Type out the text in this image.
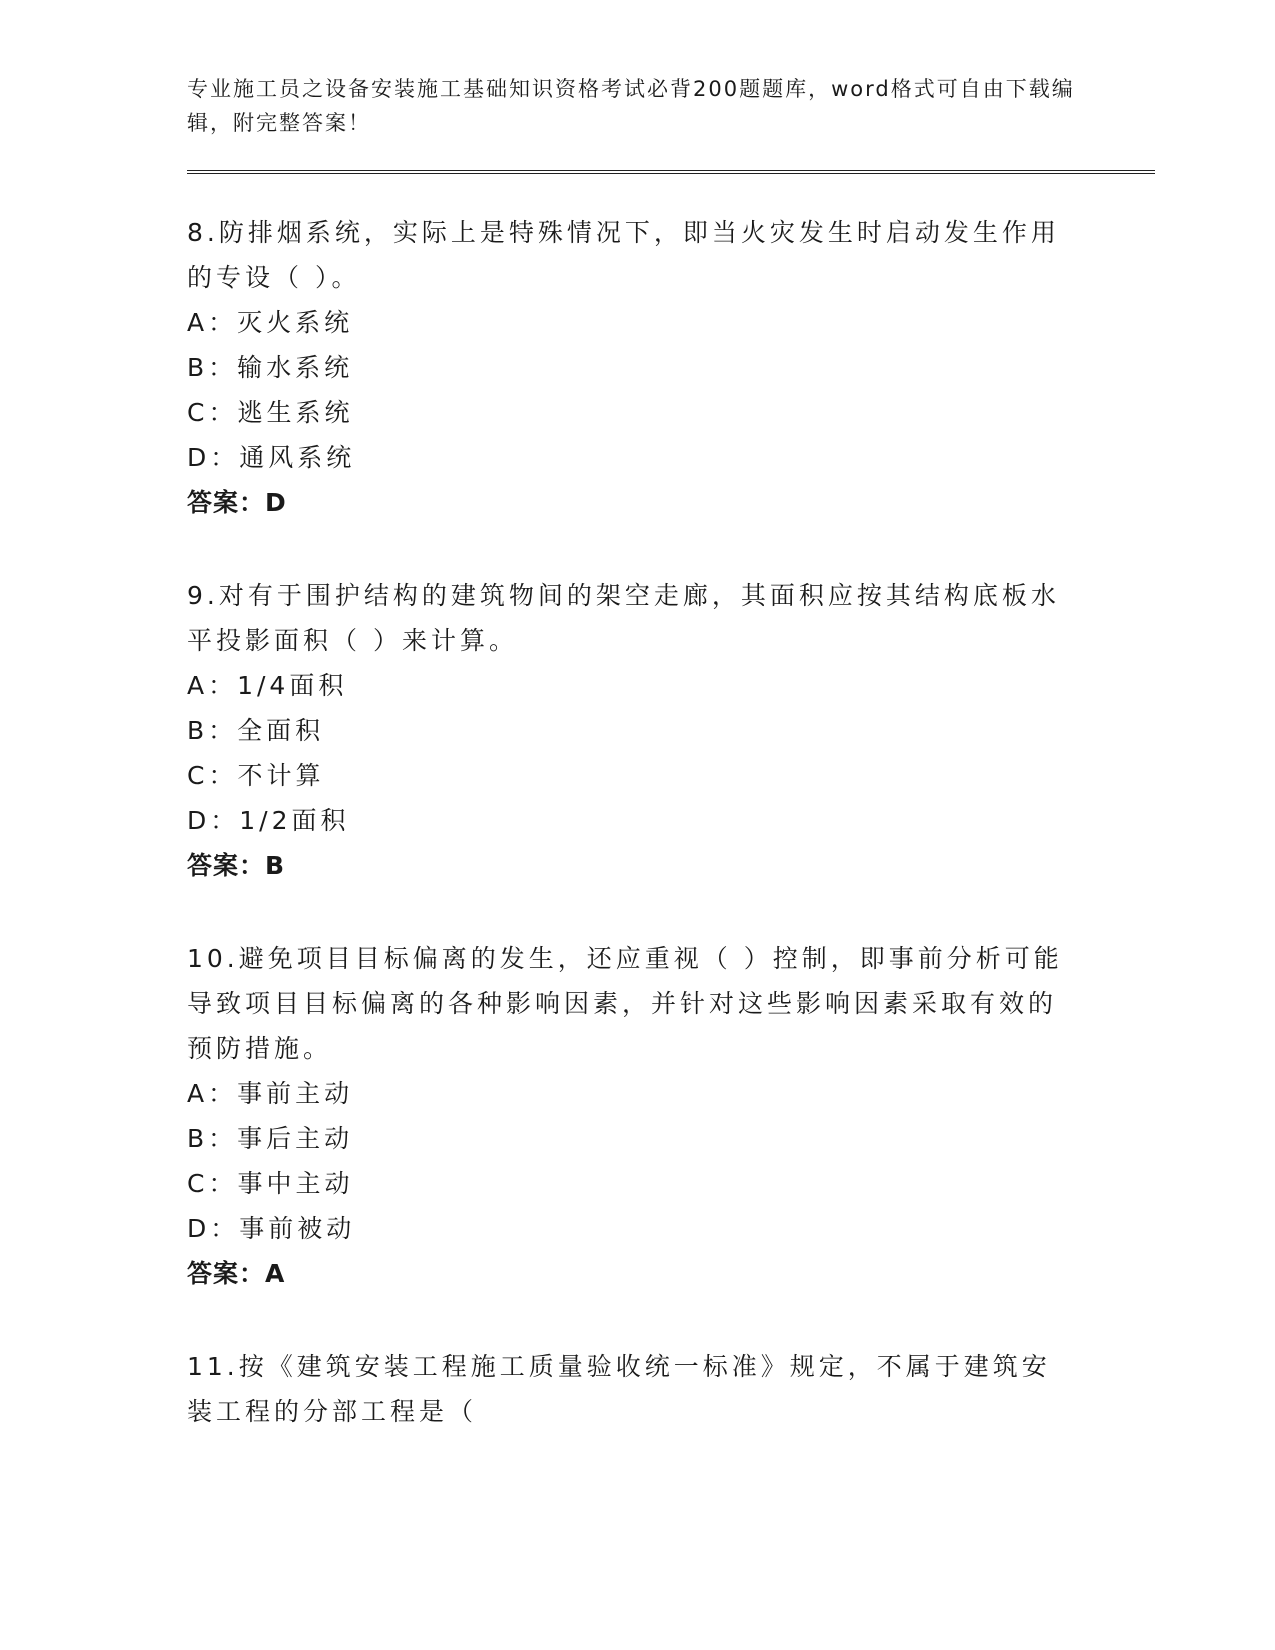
专业施工员之设备安装施工基础知识资格考试必背200题题库，word格式可自由下载编辑，附完整答案！
8.防排烟系统，实际上是特殊情况下，即当火灾发生时启动发生作用的专设（ ）。
A：灭火系统
B：输水系统
C：逃生系统
D：通风系统
答案：D
9.对有于围护结构的建筑物间的架空走廊，其面积应按其结构底板水平投影面积（ ）来计算。
A：1/4面积
B：全面积
C：不计算
D：1/2面积
答案：B
10.避免项目目标偏离的发生，还应重视（ ）控制，即事前分析可能导致项目目标偏离的各种影响因素，并针对这些影响因素采取有效的预防措施。
A：事前主动
B：事后主动
C：事中主动
D：事前被动
答案：A
11.按《建筑安装工程施工质量验收统一标准》规定，不属于建筑安装工程的分部工程是（
